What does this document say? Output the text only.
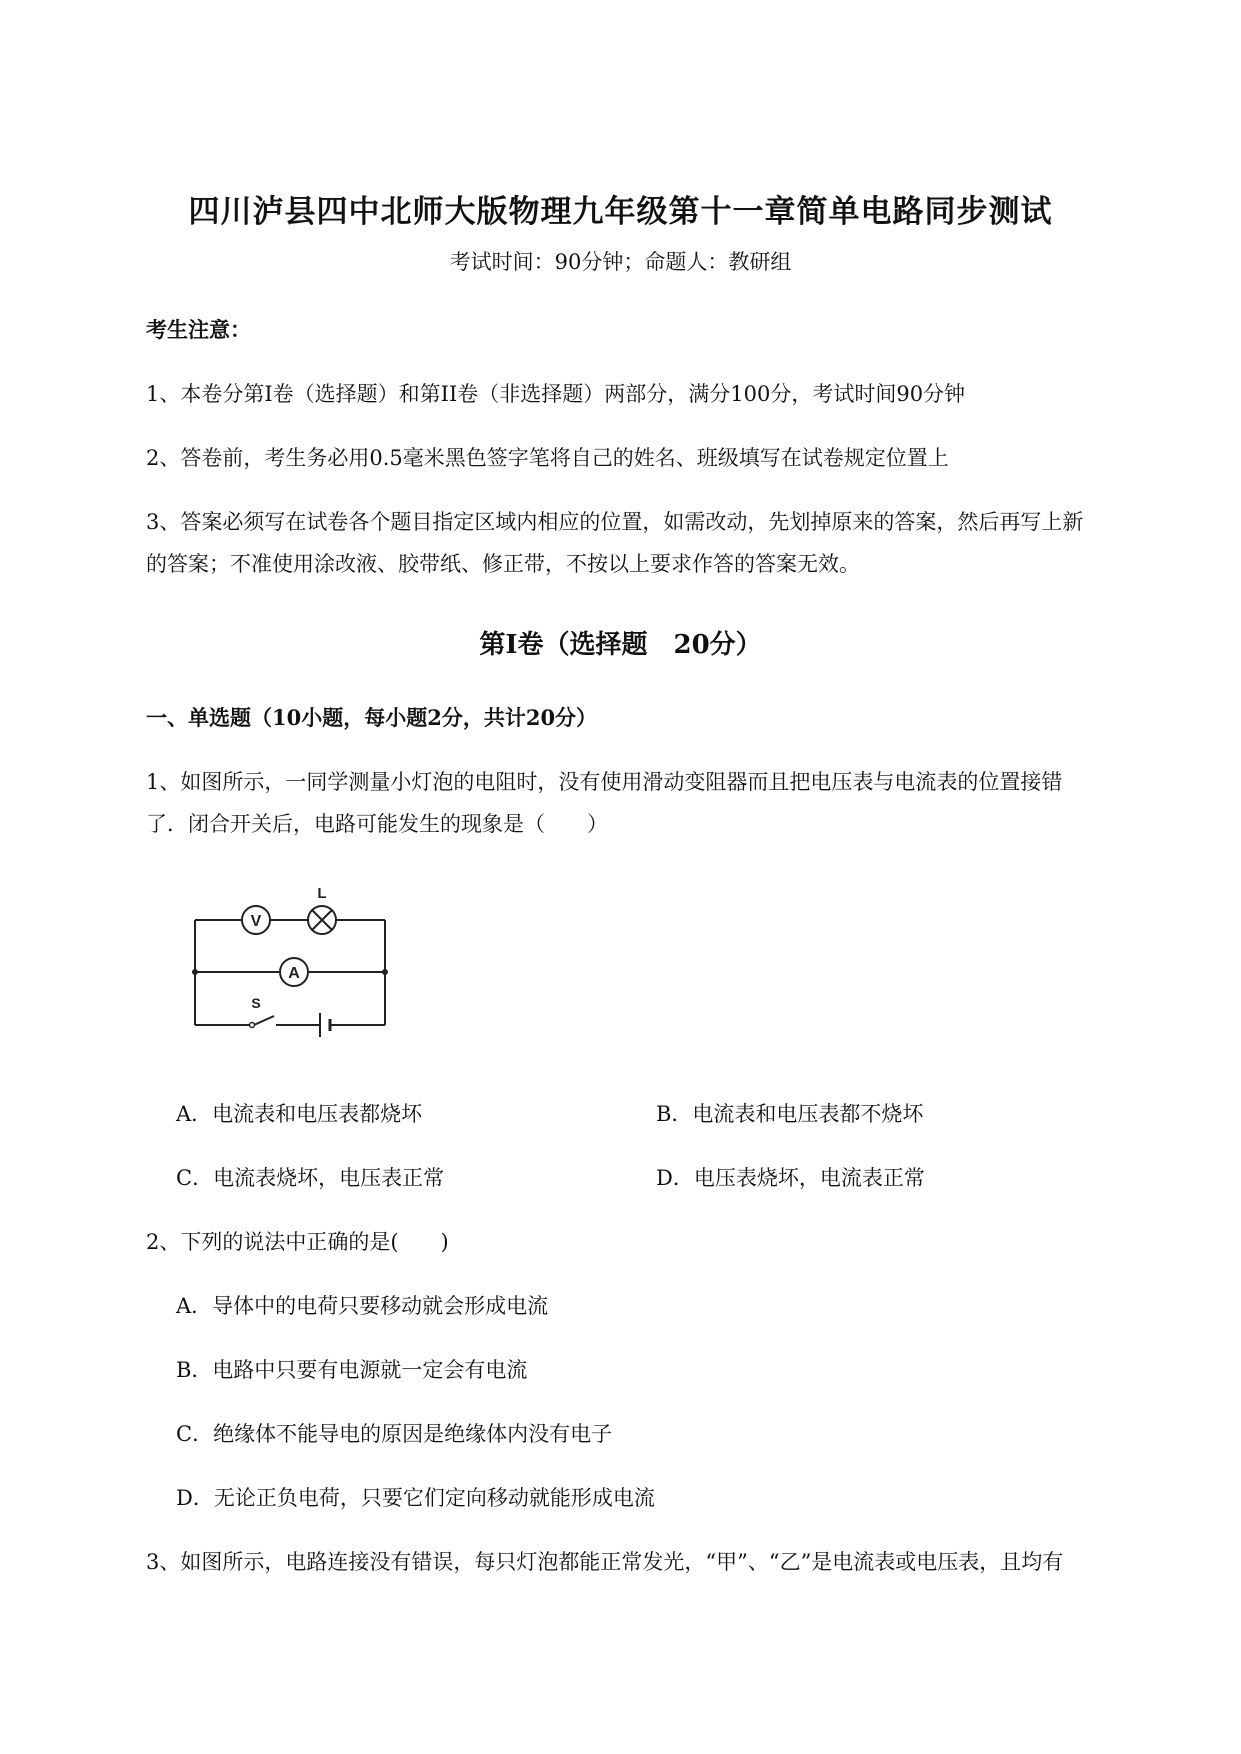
四川泸县四中北师大版物理九年级第十一章简单电路同步测试
考试时间：90分钟；命题人：教研组
考生注意：
1、本卷分第I卷（选择题）和第II卷（非选择题）两部分，满分100分，考试时间90分钟
2、答卷前，考生务必用0.5毫米黑色签字笔将自己的姓名、班级填写在试卷规定位置上
3、答案必须写在试卷各个题目指定区域内相应的位置，如需改动，先划掉原来的答案，然后再写上新
的答案；不准使用涂改液、胶带纸、修正带，不按以上要求作答的答案无效。
第I卷（选择题　20分）
一、单选题（10小题，每小题2分，共计20分）
1、如图所示，一同学测量小灯泡的电阻时，没有使用滑动变阻器而且把电压表与电流表的位置接错
了．闭合开关后，电路可能发生的现象是（　　）
V
L
A
S
A．电流表和电压表都烧坏	B．电流表和电压表都不烧坏
C．电流表烧坏，电压表正常	D．电压表烧坏，电流表正常
2、下列的说法中正确的是(　　)
A．导体中的电荷只要移动就会形成电流
B．电路中只要有电源就一定会有电流
C．绝缘体不能导电的原因是绝缘体内没有电子
D．无论正负电荷，只要它们定向移动就能形成电流
3、如图所示，电路连接没有错误，每只灯泡都能正常发光，“甲”、“乙”是电流表或电压表，且均有
